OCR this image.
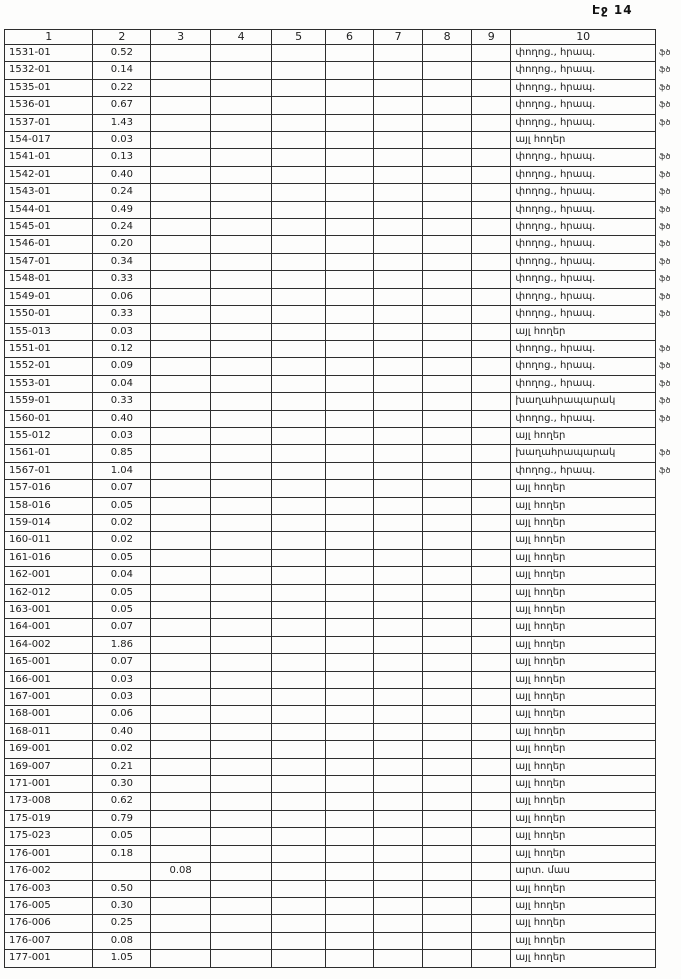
Էջ 14
1	2	3	4	5	6	7	8	9	10	
1531-01	0.52								փողոց., հրապ.	ֆծ
1532-01	0.14								փողոց., հրապ.	ֆծ
1535-01	0.22								փողոց., հրապ.	ֆծ
1536-01	0.67								փողոց., հրապ.	ֆծ
1537-01	1.43								փողոց., հրապ.	ֆծ
154-017	0.03								այլ հողեր	
1541-01	0.13								փողոց., հրապ.	ֆծ
1542-01	0.40								փողոց., հրապ.	ֆծ
1543-01	0.24								փողոց., հրապ.	ֆծ
1544-01	0.49								փողոց., հրապ.	ֆծ
1545-01	0.24								փողոց., հրապ.	ֆծ
1546-01	0.20								փողոց., հրապ.	ֆծ
1547-01	0.34								փողոց., հրապ.	ֆծ
1548-01	0.33								փողոց., հրապ.	ֆծ
1549-01	0.06								փողոց., հրապ.	ֆծ
1550-01	0.33								փողոց., հրապ.	ֆծ
155-013	0.03								այլ հողեր	
1551-01	0.12								փողոց., հրապ.	ֆծ
1552-01	0.09								փողոց., հրապ.	ֆծ
1553-01	0.04								փողոց., հրապ.	ֆծ
1559-01	0.33								խաղահրապարակ	ֆծ
1560-01	0.40								փողոց., հրապ.	ֆծ
155-012	0.03								այլ հողեր	
1561-01	0.85								խաղահրապարակ	ֆծ
1567-01	1.04								փողոց., հրապ.	ֆծ
157-016	0.07								այլ հողեր	
158-016	0.05								այլ հողեր	
159-014	0.02								այլ հողեր	
160-011	0.02								այլ հողեր	
161-016	0.05								այլ հողեր	
162-001	0.04								այլ հողեր	
162-012	0.05								այլ հողեր	
163-001	0.05								այլ հողեր	
164-001	0.07								այլ հողեր	
164-002	1.86								այլ հողեր	
165-001	0.07								այլ հողեր	
166-001	0.03								այլ հողեր	
167-001	0.03								այլ հողեր	
168-001	0.06								այլ հողեր	
168-011	0.40								այլ հողեր	
169-001	0.02								այլ հողեր	
169-007	0.21								այլ հողեր	
171-001	0.30								այլ հողեր	
173-008	0.62								այլ հողեր	
175-019	0.79								այլ հողեր	
175-023	0.05								այլ հողեր	
176-001	0.18								այլ հողեր	
176-002		0.08							արտ. մաս	
176-003	0.50								այլ հողեր	
176-005	0.30								այլ հողեր	
176-006	0.25								այլ հողեր	
176-007	0.08								այլ հողեր	
177-001	1.05								այլ հողեր	
